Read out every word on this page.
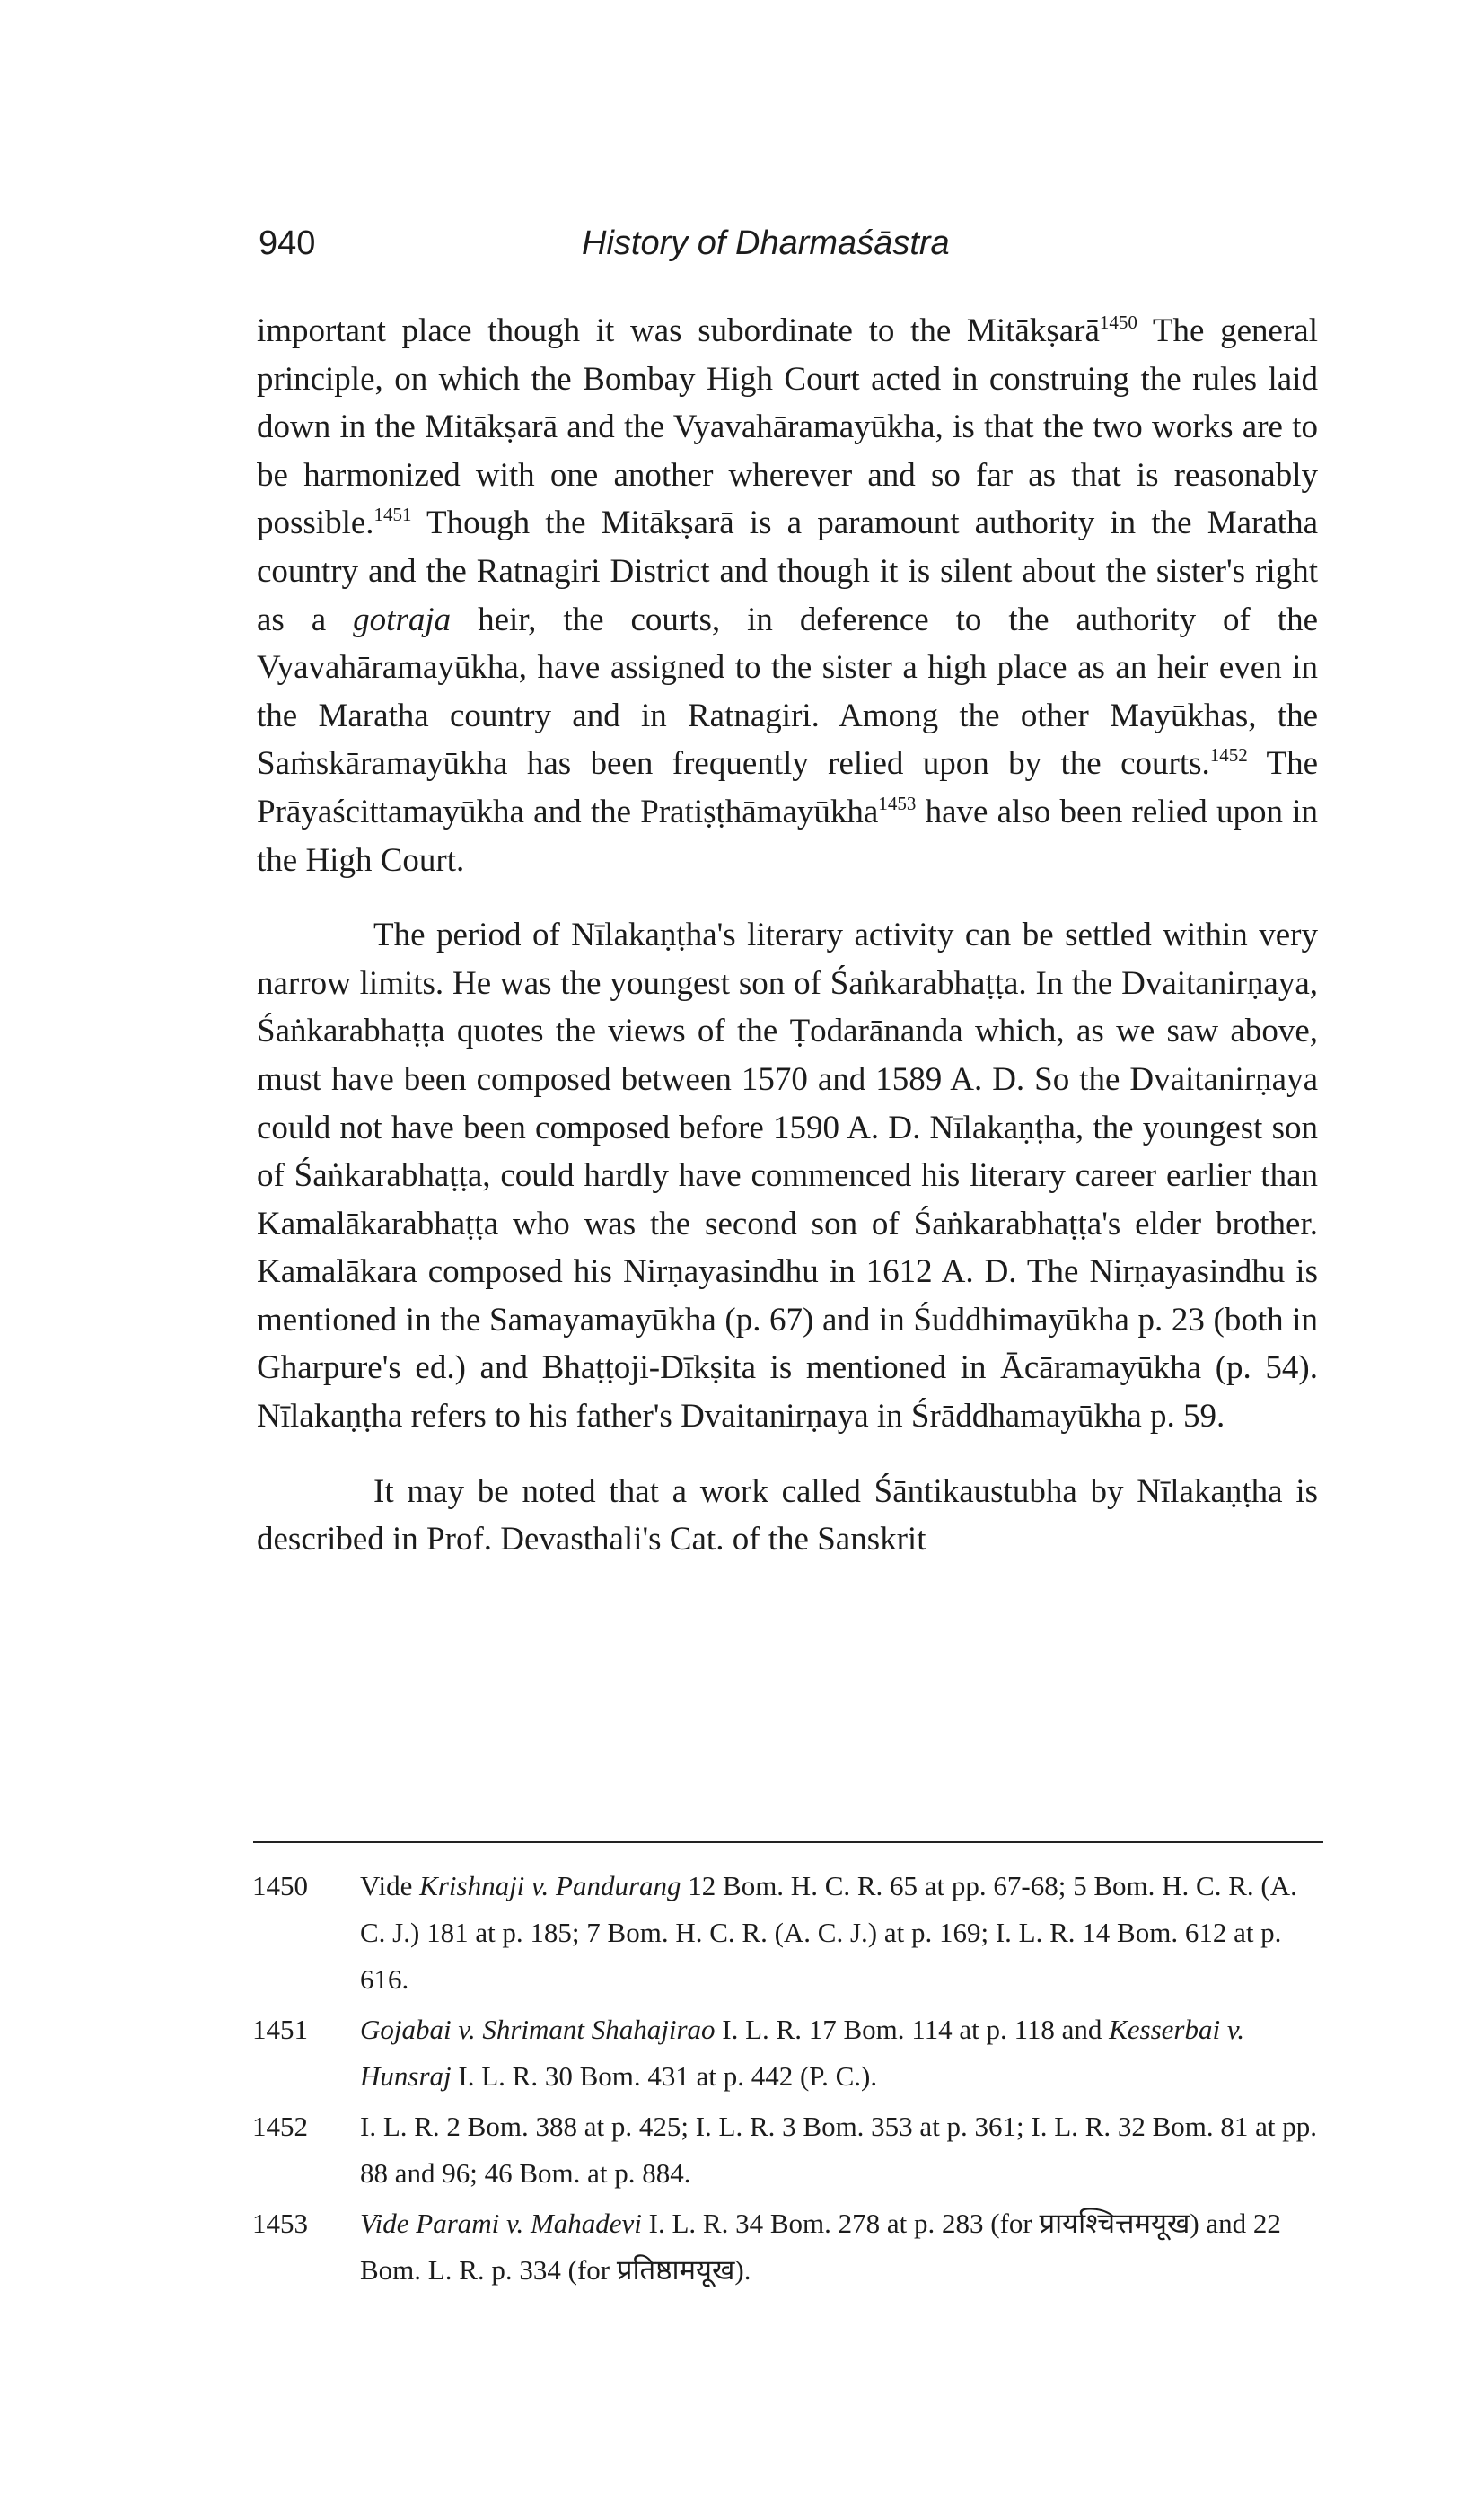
940	History of Dharmaśāstra

important place though it was subordinate to the Mitākṣarā$^{1450}$ The general principle, on which the Bombay High Court acted in construing the rules laid down in the Mitākṣarā and the Vyavahāramayūkha, is that the two works are to be harmonized with one another wherever and so far as that is reasonably possible.$^{1451}$ Though the Mitākṣarā is a paramount authority in the Maratha country and the Ratnagiri District and though it is silent about the sister's right as a gotraja heir, the courts, in deference to the authority of the Vyavahāramayūkha, have assigned to the sister a high place as an heir even in the Maratha country and in Ratnagiri. Among the other Mayūkhas, the Saṁskāramayūkha has been frequently relied upon by the courts.$^{1452}$ The Prāyaścittamayūkha and the Pratiṣṭhāmayūkha$^{1453}$ have also been relied upon in the High Court.

The period of Nīlakaṇṭha's literary activity can be settled within very narrow limits. He was the youngest son of Śaṅkarabhaṭṭa. In the Dvaitanirṇaya, Śaṅkarabhaṭṭa quotes the views of the Ṭodarānanda which, as we saw above, must have been composed between 1570 and 1589 A. D. So the Dvaitanirṇaya could not have been composed before 1590 A. D. Nīlakaṇṭha, the youngest son of Śaṅkarabhaṭṭa, could hardly have commenced his literary career earlier than Kamalākarabhaṭṭa who was the second son of Śaṅkarabhaṭṭa's elder brother. Kamalākara composed his Nirṇayasindhu in 1612 A. D. The Nirṇayasindhu is mentioned in the Samayamayūkha (p. 67) and in Śuddhimayūkha p. 23 (both in Gharpure's ed.) and Bhaṭṭoji-Dīkṣita is mentioned in Ācāramayūkha (p. 54). Nīlakaṇṭha refers to his father's Dvaitanirṇaya in Śrāddhamayūkha p. 59.

It may be noted that a work called Śāntikaustubha by Nīlakaṇṭha is described in Prof. Devasthali's Cat. of the Sanskrit

1450 Vide Krishnaji v. Pandurang 12 Bom. H. C. R. 65 at pp. 67-68; 5 Bom. H. C. R. (A. C. J.) 181 at p. 185; 7 Bom. H. C. R. (A. C. J.) at p. 169; I. L. R. 14 Bom. 612 at p. 616.
1451 Gojabai v. Shrimant Shahajirao I. L. R. 17 Bom. 114 at p. 118 and Kesserbai v. Hunsraj I. L. R. 30 Bom. 431 at p. 442 (P. C.).
1452 I. L. R. 2 Bom. 388 at p. 425; I. L. R. 3 Bom. 353 at p. 361; I. L. R. 32 Bom. 81 at pp. 88 and 96; 46 Bom. at p. 884.
1453 Vide Parami v. Mahadevi I. L. R. 34 Bom. 278 at p. 283 (for प्रायश्चित्तमयूख) and 22 Bom. L. R. p. 334 (for प्रतिष्ठामयूख).
